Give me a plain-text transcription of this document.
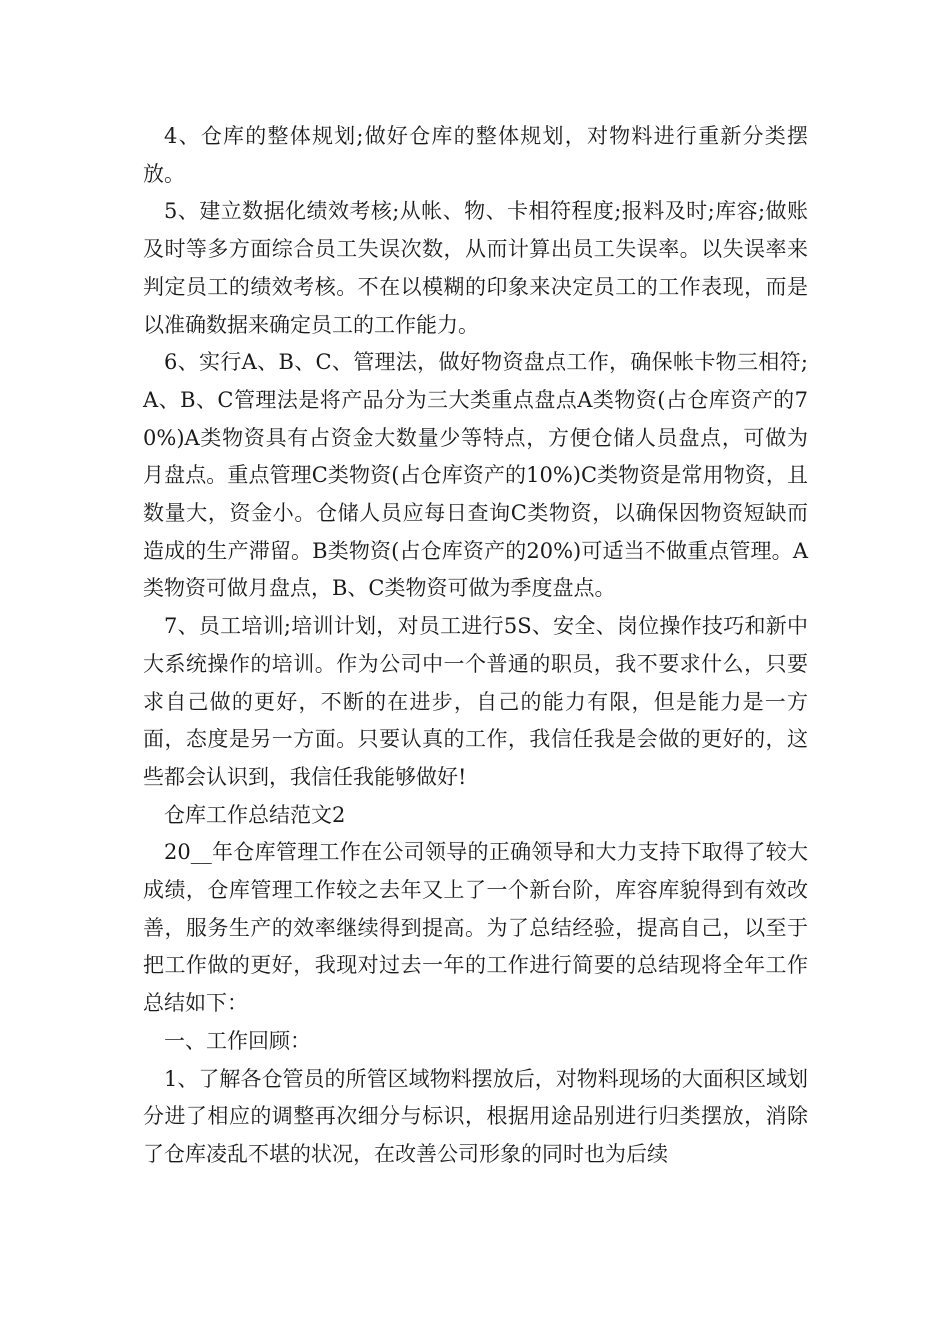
4、仓库的整体规划;做好仓库的整体规划，对物料进行重新分类摆放。

5、建立数据化绩效考核;从帐、物、卡相符程度;报料及时;库容;做账及时等多方面综合员工失误次数，从而计算出员工失误率。以失误率来判定员工的绩效考核。不在以模糊的印象来决定员工的工作表现，而是以准确数据来确定员工的工作能力。

6、实行A、B、C、管理法，做好物资盘点工作，确保帐卡物三相符;A、B、C管理法是将产品分为三大类重点盘点A类物资(占仓库资产的70%)A类物资具有占资金大数量少等特点，方便仓储人员盘点，可做为月盘点。重点管理C类物资(占仓库资产的10%)C类物资是常用物资，且数量大，资金小。仓储人员应每日查询C类物资，以确保因物资短缺而造成的生产滞留。B类物资(占仓库资产的20%)可适当不做重点管理。A类物资可做月盘点，B、C类物资可做为季度盘点。

7、员工培训;培训计划，对员工进行5S、安全、岗位操作技巧和新中大系统操作的培训。作为公司中一个普通的职员，我不要求什么，只要求自己做的更好，不断的在进步，自己的能力有限，但是能力是一方面，态度是另一方面。只要认真的工作，我信任我是会做的更好的，这些都会认识到，我信任我能够做好!

仓库工作总结范文2

20__年仓库管理工作在公司领导的正确领导和大力支持下取得了较大成绩，仓库管理工作较之去年又上了一个新台阶，库容库貌得到有效改善，服务生产的效率继续得到提高。为了总结经验，提高自己，以至于把工作做的更好，我现对过去一年的工作进行简要的总结现将全年工作总结如下：

一、工作回顾：

1、了解各仓管员的所管区域物料摆放后，对物料现场的大面积区域划分进了相应的调整再次细分与标识，根据用途品别进行归类摆放，消除了仓库凌乱不堪的状况，在改善公司形象的同时也为后续
